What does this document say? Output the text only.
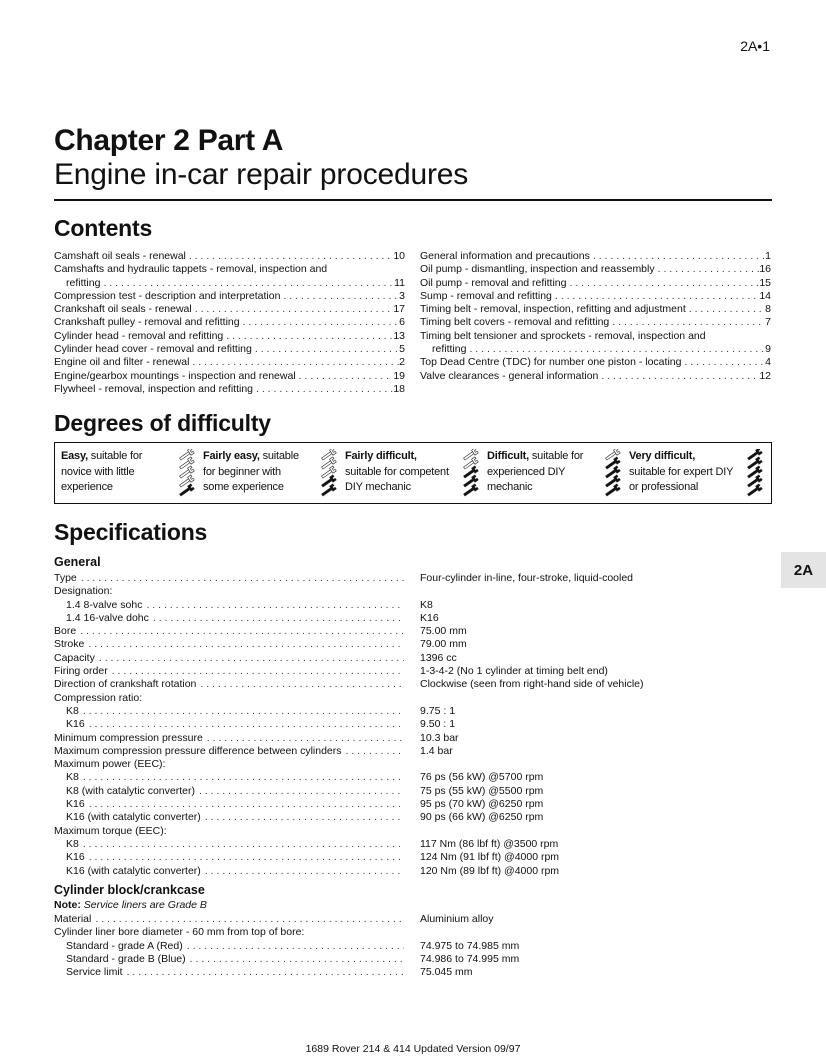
2A•1
Chapter 2 Part A
Engine in-car repair procedures
Contents
Camshaft oil seals - renewal . . .	10
Camshafts and hydraulic tappets - removal, inspection and
refitting . . .	11
Compression test - description and interpretation . . .	3
Crankshaft oil seals - renewal . . .	17
Crankshaft pulley - removal and refitting . . .	6
Cylinder head - removal and refitting . . .	13
Cylinder head cover - removal and refitting . . .	5
Engine oil and filter - renewal . . .	2
Engine/gearbox mountings - inspection and renewal . . .	19
Flywheel - removal, inspection and refitting . . .	18
General information and precautions . . .	1
Oil pump - dismantling, inspection and reassembly . . .	16
Oil pump - removal and refitting . . .	15
Sump - removal and refitting . . .	14
Timing belt - removal, inspection, refitting and adjustment . . .	8
Timing belt covers - removal and refitting . . .	7
Timing belt tensioner and sprockets - removal, inspection and
refitting . . .	9
Top Dead Centre (TDC) for number one piston - locating . . .	4
Valve clearances - general information . . .	12
Degrees of difficulty
Easy, suitable for
novice with little
experience
Fairly easy, suitable
for beginner with
some experience
Fairly difficult,
suitable for competent
DIY mechanic
Difficult, suitable for
experienced DIY
mechanic
Very difficult,
suitable for expert DIY
or professional
Specifications
General
Type . . .	Four-cylinder in-line, four-stroke, liquid-cooled
Designation:
1.4 8-valve sohc . . .	K8
1.4 16-valve dohc . . .	K16
Bore . . .	75.00 mm
Stroke . . .	79.00 mm
Capacity . . .	1396 cc
Firing order . . .	1-3-4-2 (No 1 cylinder at timing belt end)
Direction of crankshaft rotation . . .	Clockwise (seen from right-hand side of vehicle)
Compression ratio:
K8 . . .	9.75 : 1
K16 . . .	9.50 : 1
Minimum compression pressure . . .	10.3 bar
Maximum compression pressure difference between cylinders . . .	1.4 bar
Maximum power (EEC):
K8 . . .	76 ps (56 kW) @5700 rpm
K8 (with catalytic converter) . . .	75 ps (55 kW) @5500 rpm
K16 . . .	95 ps (70 kW) @6250 rpm
K16 (with catalytic converter) . . .	90 ps (66 kW) @6250 rpm
Maximum torque (EEC):
K8 . . .	117 Nm (86 lbf ft) @3500 rpm
K16 . . .	124 Nm (91 lbf ft) @4000 rpm
K16 (with catalytic converter) . . .	120 Nm (89 lbf ft) @4000 rpm
Cylinder block/crankcase
Note: Service liners are Grade B
Material . . .	Aluminium alloy
Cylinder liner bore diameter - 60 mm from top of bore:
Standard - grade A (Red) . . .	74.975 to 74.985 mm
Standard - grade B (Blue) . . .	74.986 to 74.995 mm
Service limit . . .	75.045 mm
2A
1689 Rover 214 & 414 Updated Version 09/97
